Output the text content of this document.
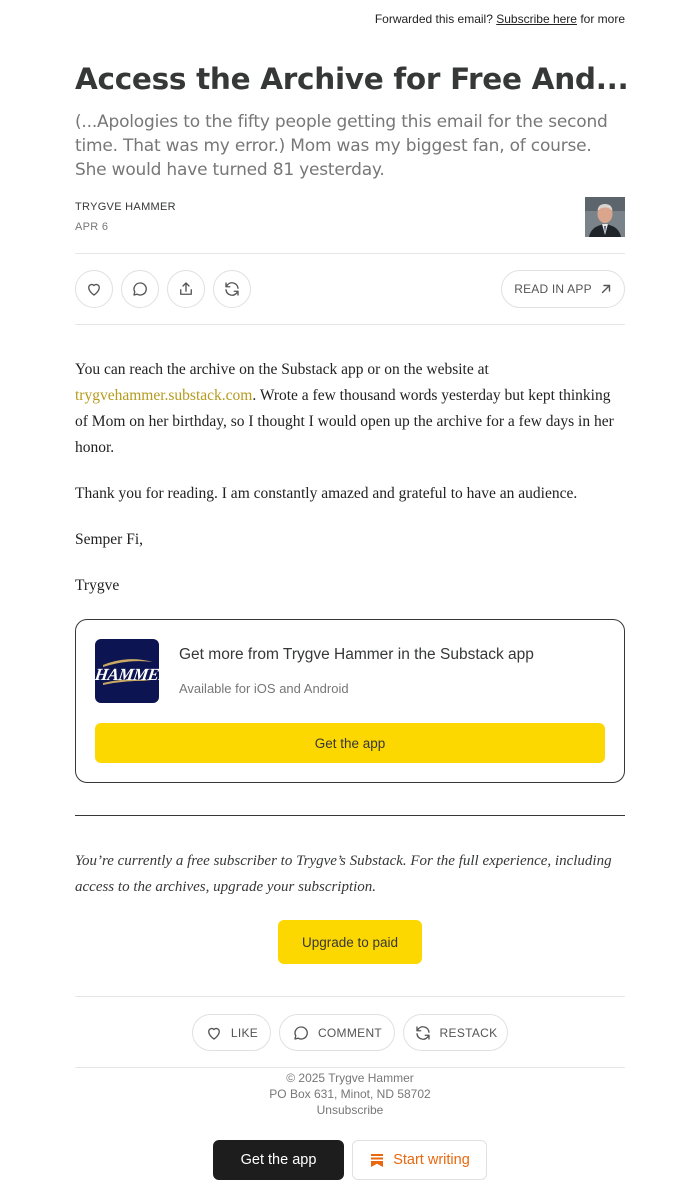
Forwarded this email? Subscribe here for more
Access the Archive for Free And...

(...Apologies to the fifty people getting this email for the second time. That was my error.) Mom was my biggest fan, of course. She would have turned 81 yesterday.

TRYGVE HAMMER
APR 6
READ IN APP

You can reach the archive on the Substack app or on the website at trygvehammer.substack.com. Wrote a few thousand words yesterday but kept thinking of Mom on her birthday, so I thought I would open up the archive for a few days in her honor.

Thank you for reading. I am constantly amazed and grateful to have an audience.

Semper Fi,

Trygve

HAMMER
Get more from Trygve Hammer in the Substack app
Available for iOS and Android
Get the app

You’re currently a free subscriber to Trygve’s Substack. For the full experience, including access to the archives, upgrade your subscription.

Upgrade to paid
LIKE	COMMENT	RESTACK
© 2025 Trygve Hammer
PO Box 631, Minot, ND 58702
Unsubscribe
Get the app	Start writing
